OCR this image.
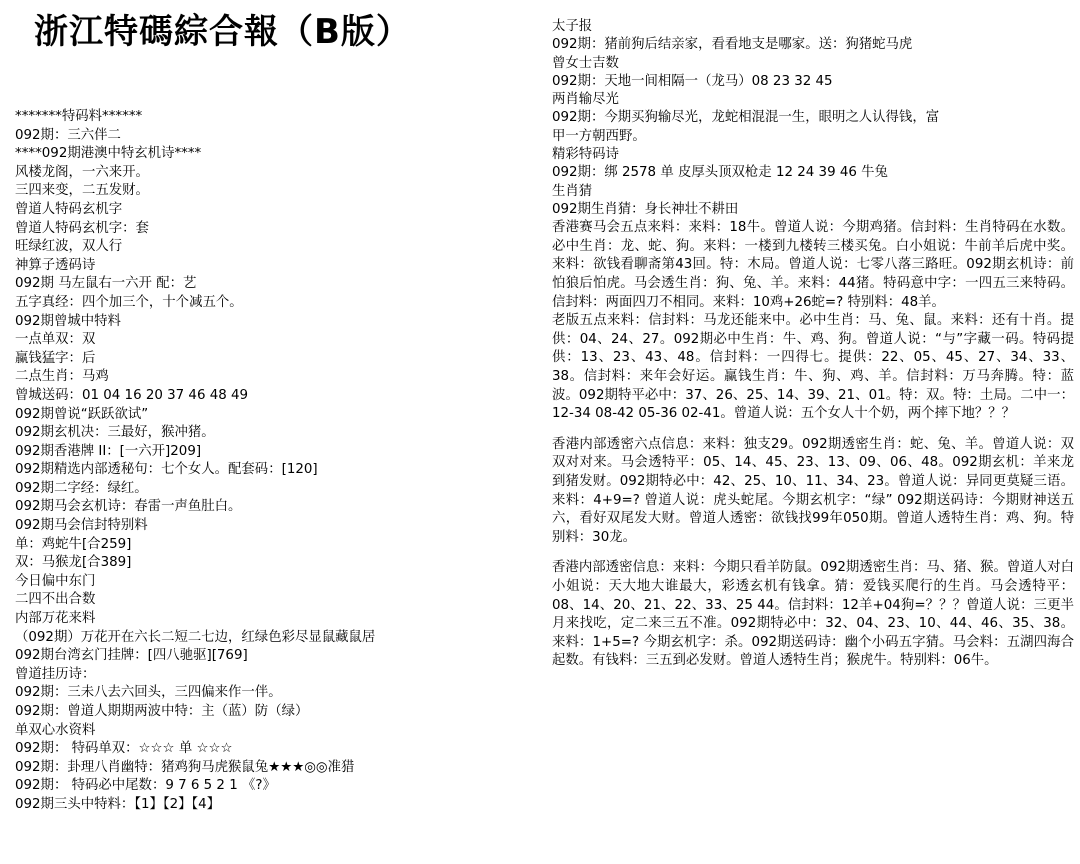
浙江特碼綜合報（B版）
*******特码料******
092期：三六伴二
****092期港澳中特玄机诗****
风楼龙阁，一六来开。
三四来变，二五发财。
曾道人特码玄机字
曾道人特码玄机字：套
旺绿红波，双人行
神算子透码诗
092期 马左鼠右一六开 配：艺
五字真经：四个加三个，十个减五个。
092期曾城中特料
一点单双：双
赢钱猛字：后
二点生肖：马鸡
曾城送码：01 04 16 20 37 46 48 49
092期曾说“跃跃欲试”
092期玄机决：三最好，猴冲猪。
092期香港牌 II：[一六开]209]
092期精选内部透秘句：七个女人。配套码：[120]
092期二字经：绿红。
092期马会玄机诗：春雷一声鱼肚白。
092期马会信封特别料
单：鸡蛇牛[合259]
双：马猴龙[合389]
今日偏中东门
二四不出合数
内部万花来料
（092期）万花开在六长二短二七边，红绿色彩尽显鼠藏鼠居
092期台湾玄门挂牌：[四八驰驱][769]
曾道挂历诗：
092期：三未八去六回头，三四偏来作一伴。
092期：曾道人期期两波中特：主（蓝）防（绿）
单双心水资料
092期： 特码单双：☆☆☆ 单 ☆☆☆
092期：卦理八肖幽特：猪鸡狗马虎猴鼠兔★★★◎◎准猎
092期： 特码必中尾数：9 7 6 5 2 1 《?》
092期三头中特料：【1】【2】【4】
太子报
092期：猪前狗后结亲家，看看地支是哪家。送：狗猪蛇马虎
曾女士吉数
092期：天地一间相隔一（龙马）08 23 32 45
两肖输尽光
092期：今期买狗输尽光，龙蛇相混混一生，眼明之人认得钱，富
甲一方朝西野。
精彩特码诗
092期：绑 2578 单 皮厚头顶双枪走 12 24 39 46 牛兔
生肖猜
092期生肖猜：身长神壮不耕田
香港赛马会五点来料：来料：18牛。曾道人说：今期鸡猪。信封料：生肖特码在水数。必中生肖：龙、蛇、狗。来料：一楼到九楼转三楼买兔。白小姐说：牛前羊后虎中奖。来料：欲钱看聊斋第43回。特：木局。曾道人说：七零八落三路旺。092期玄机诗：前怕狼后怕虎。马会透生肖：狗、兔、羊。来料：44猪。特码意中字：一四五三来特码。信封料：两面四刀不相同。来料：10鸡+26蛇=? 特别料：48羊。
老版五点来料：信封料：马龙还能来中。必中生肖：马、兔、鼠。来料：还有十肖。提供：04、24、27。092期必中生肖：牛、鸡、狗。曾道人说：“与”字藏一码。特码提供：13、23、43、48。信封料：一四得七。提供：22、05、45、27、34、33、38。信封料：来年会好运。赢钱生肖：牛、狗、鸡、羊。信封料：万马奔腾。特：蓝波。092期特平必中：37、26、25、14、39、21、01。特：双。特：土局。二中一：12-34 08-42 05-36 02-41。曾道人说：五个女人十个奶，两个摔下地？？？
香港内部透密六点信息：来料：独支29。092期透密生肖：蛇、兔、羊。曾道人说：双双对对来。马会透特平：05、14、45、23、13、09、06、48。092期玄机：羊来龙到猪发财。092期特必中：42、25、10、11、34、23。曾道人说：异同更莫疑三语。来料：4+9=? 曾道人说：虎头蛇尾。今期玄机字：“绿” 092期送码诗：今期财神送五六，看好双尾发大财。曾道人透密：欲钱找99年050期。曾道人透特生肖：鸡、狗。特别料：30龙。
香港内部透密信息：来料：今期只看羊防鼠。092期透密生肖：马、猪、猴。曾道人对白小姐说：天大地大谁最大，彩透玄机有钱拿。猜：爱钱买爬行的生肖。马会透特平：08、14、20、21、22、33、25 44。信封料：12羊+04狗=？？？曾道人说：三更半月来找吃，定二来三五不准。092期特必中：32、04、23、10、44、46、35、38。来料：1+5=? 今期玄机字：杀。092期送码诗：幽个小码五字猜。马会料：五湖四海合起数。有钱料：三五到必发财。曾道人透特生肖；猴虎牛。特别料：06牛。
